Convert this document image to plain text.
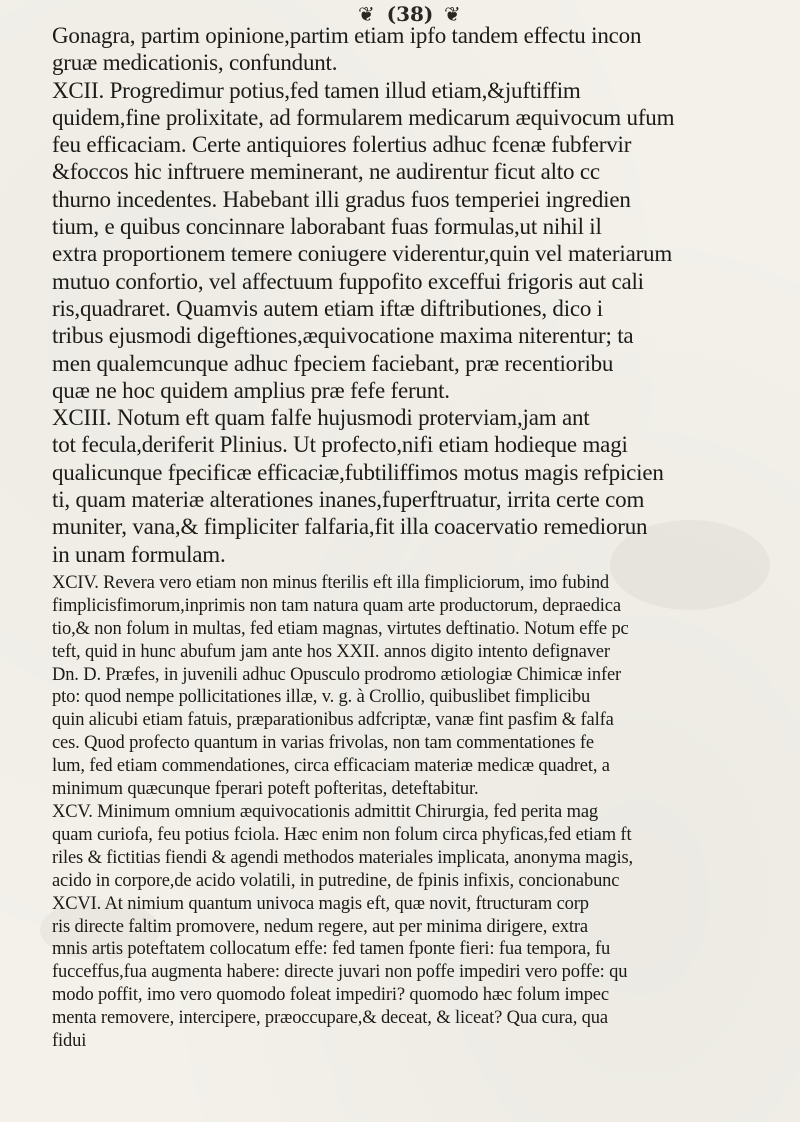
❦ (38) ❦
Gonagra, partim opinione,partim etiam ipfo tandem effectu incon
gruæ medicationis, confundunt.
XCII. Progredimur potius,fed tamen illud etiam,&juftiffim
quidem,fine prolixitate, ad formularem medicarum æquivocum ufum
feu efficaciam. Certe antiquiores folertius adhuc fcenæ fubfervir
&foccos hic inftruere meminerant, ne audirentur ficut alto cc
thurno incedentes. Habebant illi gradus fuos temperiei ingredien
tium, e quibus concinnare laborabant fuas formulas,ut nihil il
extra proportionem temere coniugere viderentur,quin vel materiarum
mutuo confortio, vel affectuum fuppofito exceffui frigoris aut cali
ris,quadraret. Quamvis autem etiam iftæ diftributiones, dico i
tribus ejusmodi digeftiones,æquivocatione maxima niterentur; ta
men qualemcunque adhuc fpeciem faciebant, præ recentioribu
quæ ne hoc quidem amplius præ fefe ferunt.
XCIII. Notum eft quam falfe hujusmodi proterviam,jam ant
tot fecula,deriferit Plinius. Ut profecto,nifi etiam hodieque magi
qualicunque fpecificæ efficaciæ,fubtiliffimos motus magis refpicien
ti, quam materiæ alterationes inanes,fuperftruatur, irrita certe com
muniter, vana,& fimpliciter falfaria,fit illa coacervatio remediorun
in unam formulam.
XCIV. Revera vero etiam non minus fterilis eft illa fimpliciorum, imo fubind
fimplicisfimorum,inprimis non tam natura quam arte productorum, depraedica
tio,& non folum in multas, fed etiam magnas, virtutes deftinatio. Notum effe pc
teft, quid in hunc abufum jam ante hos XXII. annos digito intento defignaver
Dn. D. Præfes, in juvenili adhuc Opusculo prodromo ætiologiæ Chimicæ infer
pto: quod nempe pollicitationes illæ, v. g. à Crollio, quibuslibet fimplicibu
quin alicubi etiam fatuis, præparationibus adfcriptæ, vanæ fint pasfim & falfa
ces. Quod profecto quantum in varias frivolas, non tam commentationes fe
lum, fed etiam commendationes, circa efficaciam materiæ medicæ quadret, a
minimum quæcunque fperari poteft pofteritas, deteftabitur.
XCV. Minimum omnium æquivocationis admittit Chirurgia, fed perita mag
quam curiofa, feu potius fciola. Hæc enim non folum circa phyficas,fed etiam ft
riles & fictitias fiendi & agendi methodos materiales implicata, anonyma magis,
acido in corpore,de acido volatili, in putredine, de fpinis infixis, concionabunc
XCVI. At nimium quantum univoca magis eft, quæ novit, ftructuram corp
ris directe faltim promovere, nedum regere, aut per minima dirigere, extra
mnis artis poteftatem collocatum effe: fed tamen fponte fieri: fua tempora, fu
fucceffus,fua augmenta habere: directe juvari non poffe impediri vero poffe: qu
modo poffit, imo vero quomodo foleat impediri? quomodo hæc folum impec
menta removere, intercipere, præoccupare,& deceat, & liceat? Qua cura, qua
fidui
